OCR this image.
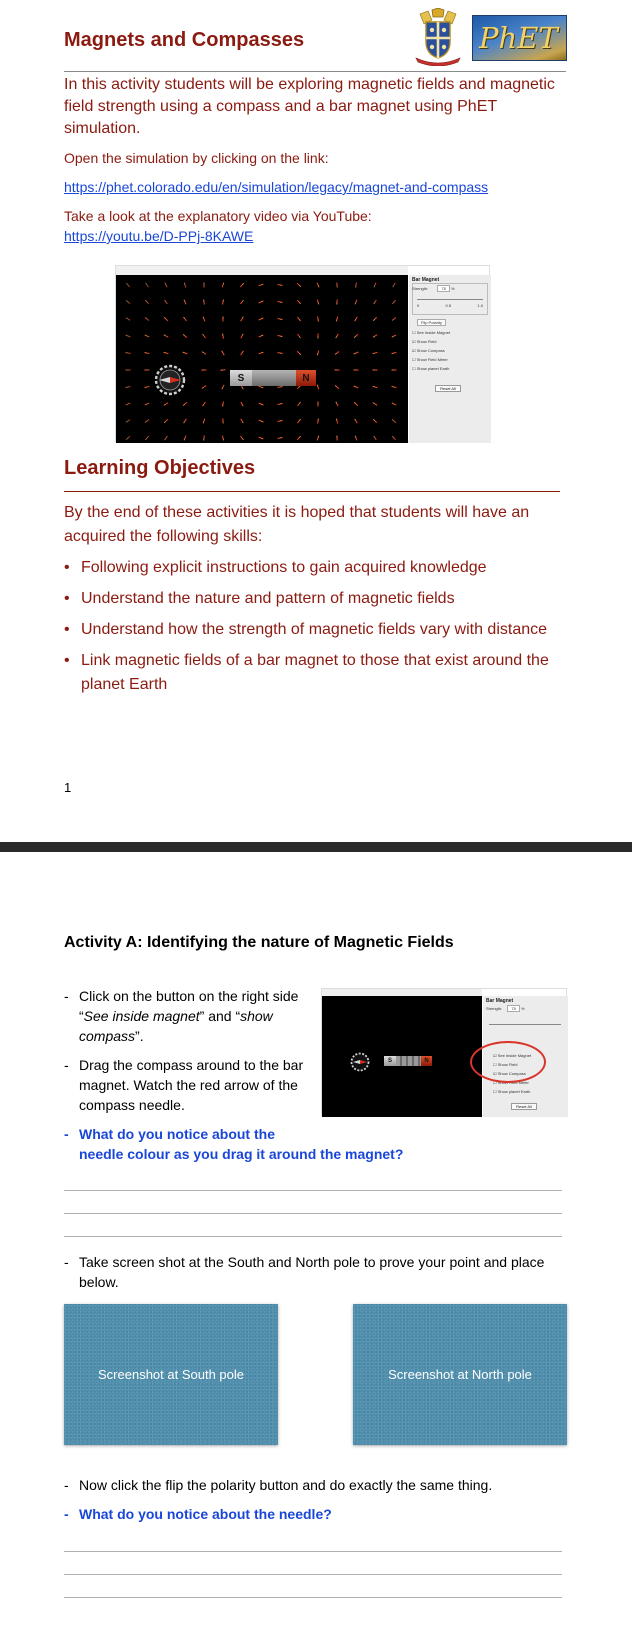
Magnets and Compasses	PhET

In this activity students will be exploring magnetic fields and magnetic field strength using a compass and a bar magnet using PhET simulation.

Open the simulation by clicking on the link:

https://phet.colorado.edu/en/simulation/legacy/magnet-and-compass

Take a look at the explanatory video via YouTube:

https://youtu.be/D-PPj-8KAWE
S	N
Bar Magnet
Strength:	75 %
0	0.5	1.0
Flip Polarity
☐ See Inside Magnet
☑ Show Field
☑ Show Compass
☐ Show Field Meter
☐ Show planet Earth
Reset All
Learning Objectives

By the end of these activities it is hoped that students will have an acquired the following skills:

• Following explicit instructions to gain acquired knowledge
• Understand the nature and pattern of magnetic fields
• Understand how the strength of magnetic fields vary with distance
• Link magnetic fields of a bar magnet to those that exist around the planet Earth
1
Activity A: Identifying the nature of Magnetic Fields
- Click on the button on the right side “See inside magnet” and “show compass”.
- Drag the compass around to the bar magnet. Watch the red arrow of the compass needle.
- What do you notice about the
needle colour as you drag it around the magnet?
S	N
Bar Magnet
Strength: 75 %
☑ See Inside Magnet
☐ Show Field
☑ Show Compass
☐ Show Field Meter
☐ Show planet Earth
Reset All
- Take screen shot at the South and North pole to prove your point and place below.
Screenshot at South pole	Screenshot at North pole
- Now click the flip the polarity button and do exactly the same thing.
- What do you notice about the needle?
